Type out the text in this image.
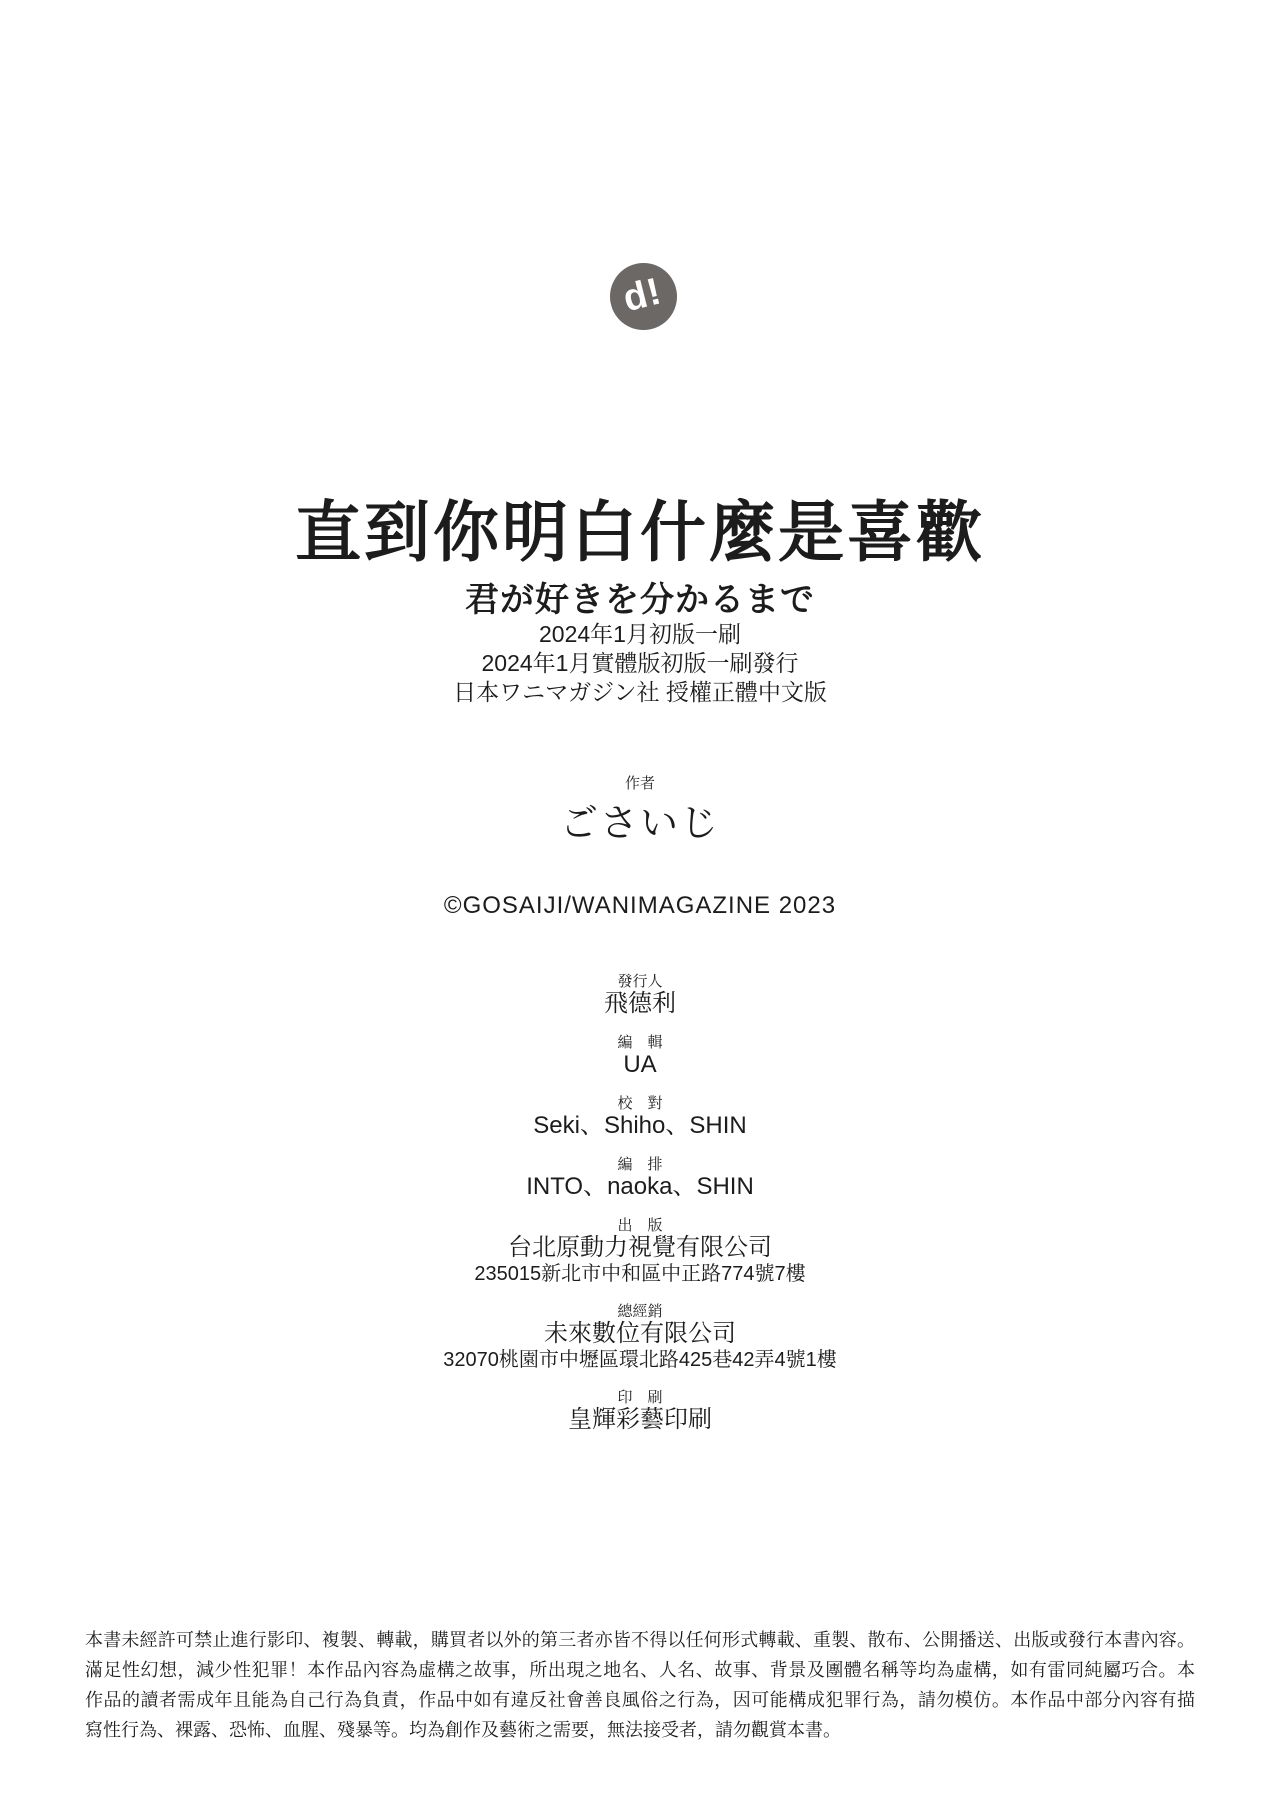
d!
直到你明白什麼是喜歡
君が好きを分かるまで
2024年1月初版一刷
2024年1月實體版初版一刷發行
日本ワニマガジン社 授權正體中文版
作者
ごさいじ
©GOSAIJI/WANIMAGAZINE 2023
發行人
飛德利
編　輯
UA
校　對
Seki、Shiho、SHIN
編　排
INTO、naoka、SHIN
出　版
台北原動力視覺有限公司
235015新北市中和區中正路774號7樓
總經銷
未來數位有限公司
32070桃園市中壢區環北路425巷42弄4號1樓
印　刷
皇輝彩藝印刷
本書未經許可禁止進行影印、複製、轉載，購買者以外的第三者亦皆不得以任何形式轉載、重製、散布、公開播送、出版或發行本書內容。
滿足性幻想，減少性犯罪！本作品內容為虛構之故事，所出現之地名、人名、故事、背景及團體名稱等均為虛構，如有雷同純屬巧合。本
作品的讀者需成年且能為自己行為負責，作品中如有違反社會善良風俗之行為，因可能構成犯罪行為，請勿模仿。本作品中部分內容有描
寫性行為、裸露、恐怖、血腥、殘暴等。均為創作及藝術之需要，無法接受者，請勿觀賞本書。
